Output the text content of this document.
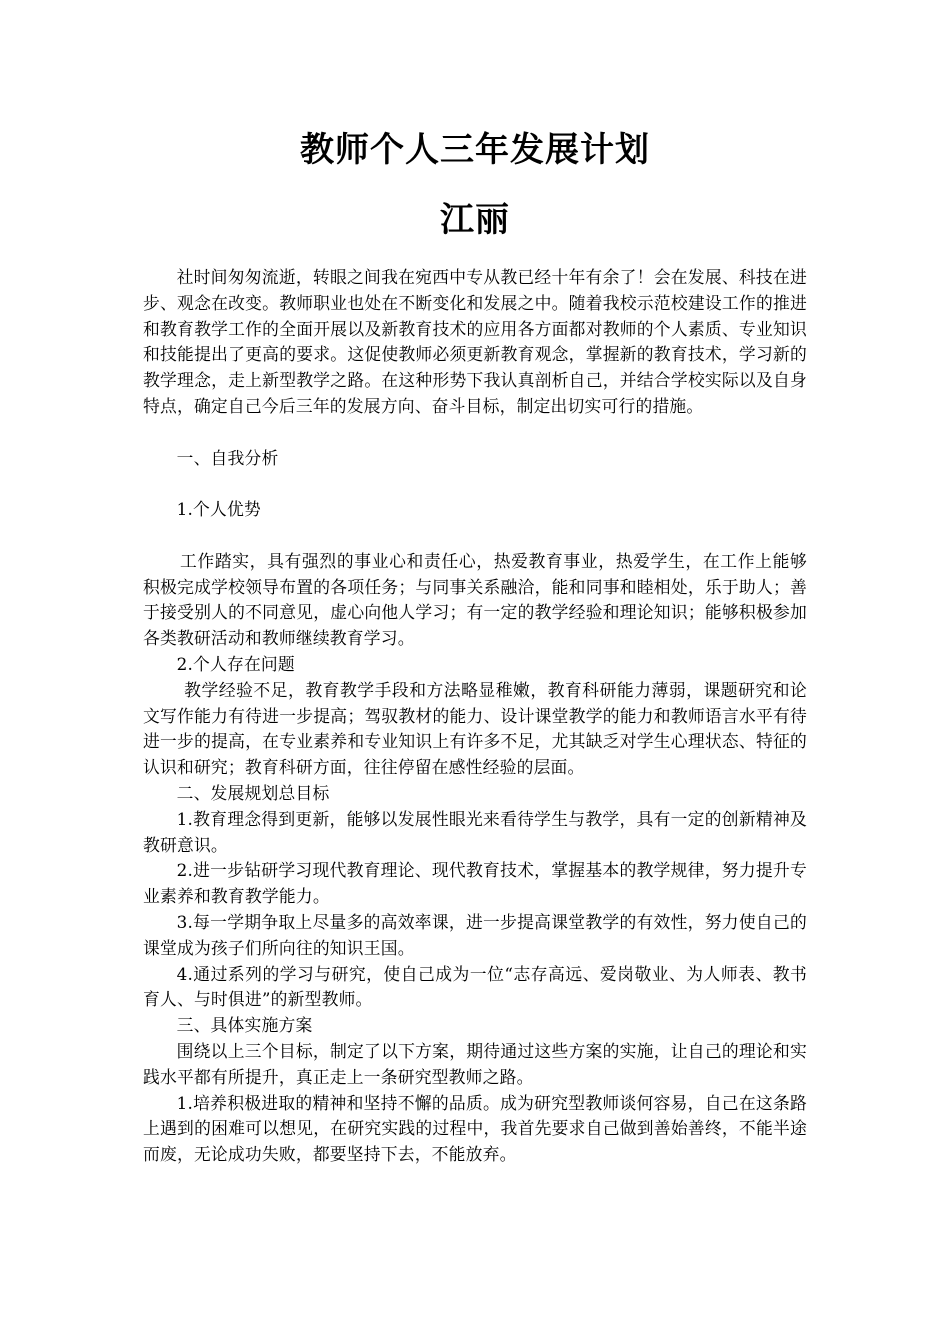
教师个人三年发展计划
江丽

社时间匆匆流逝，转眼之间我在宛西中专从教已经十年有余了！会在发展、科技在进步、观念在改变。教师职业也处在不断变化和发展之中。随着我校示范校建设工作的推进和教育教学工作的全面开展以及新教育技术的应用各方面都对教师的个人素质、专业知识和技能提出了更高的要求。这促使教师必须更新教育观念，掌握新的教育技术，学习新的教学理念，走上新型教学之路。在这种形势下我认真剖析自己，并结合学校实际以及自身特点，确定自己今后三年的发展方向、奋斗目标，制定出切实可行的措施。

一、自我分析

1.个人优势

工作踏实，具有强烈的事业心和责任心，热爱教育事业，热爱学生，在工作上能够积极完成学校领导布置的各项任务；与同事关系融洽，能和同事和睦相处，乐于助人；善于接受别人的不同意见，虚心向他人学习；有一定的教学经验和理论知识；能够积极参加各类教研活动和教师继续教育学习。

2.个人存在问题

教学经验不足，教育教学手段和方法略显稚嫩，教育科研能力薄弱，课题研究和论文写作能力有待进一步提高；驾驭教材的能力、设计课堂教学的能力和教师语言水平有待进一步的提高，在专业素养和专业知识上有许多不足，尤其缺乏对学生心理状态、特征的认识和研究；教育科研方面，往往停留在感性经验的层面。

二、发展规划总目标

1.教育理念得到更新，能够以发展性眼光来看待学生与教学，具有一定的创新精神及教研意识。

2.进一步钻研学习现代教育理论、现代教育技术，掌握基本的教学规律，努力提升专业素养和教育教学能力。

3.每一学期争取上尽量多的高效率课，进一步提高课堂教学的有效性，努力使自己的课堂成为孩子们所向往的知识王国。

4.通过系列的学习与研究，使自己成为一位“志存高远、爱岗敬业、为人师表、教书育人、与时俱进”的新型教师。

三、具体实施方案

围绕以上三个目标，制定了以下方案，期待通过这些方案的实施，让自己的理论和实践水平都有所提升，真正走上一条研究型教师之路。

1.培养积极进取的精神和坚持不懈的品质。成为研究型教师谈何容易，自己在这条路上遇到的困难可以想见，在研究实践的过程中，我首先要求自己做到善始善终，不能半途而废，无论成功失败，都要坚持下去，不能放弃。
